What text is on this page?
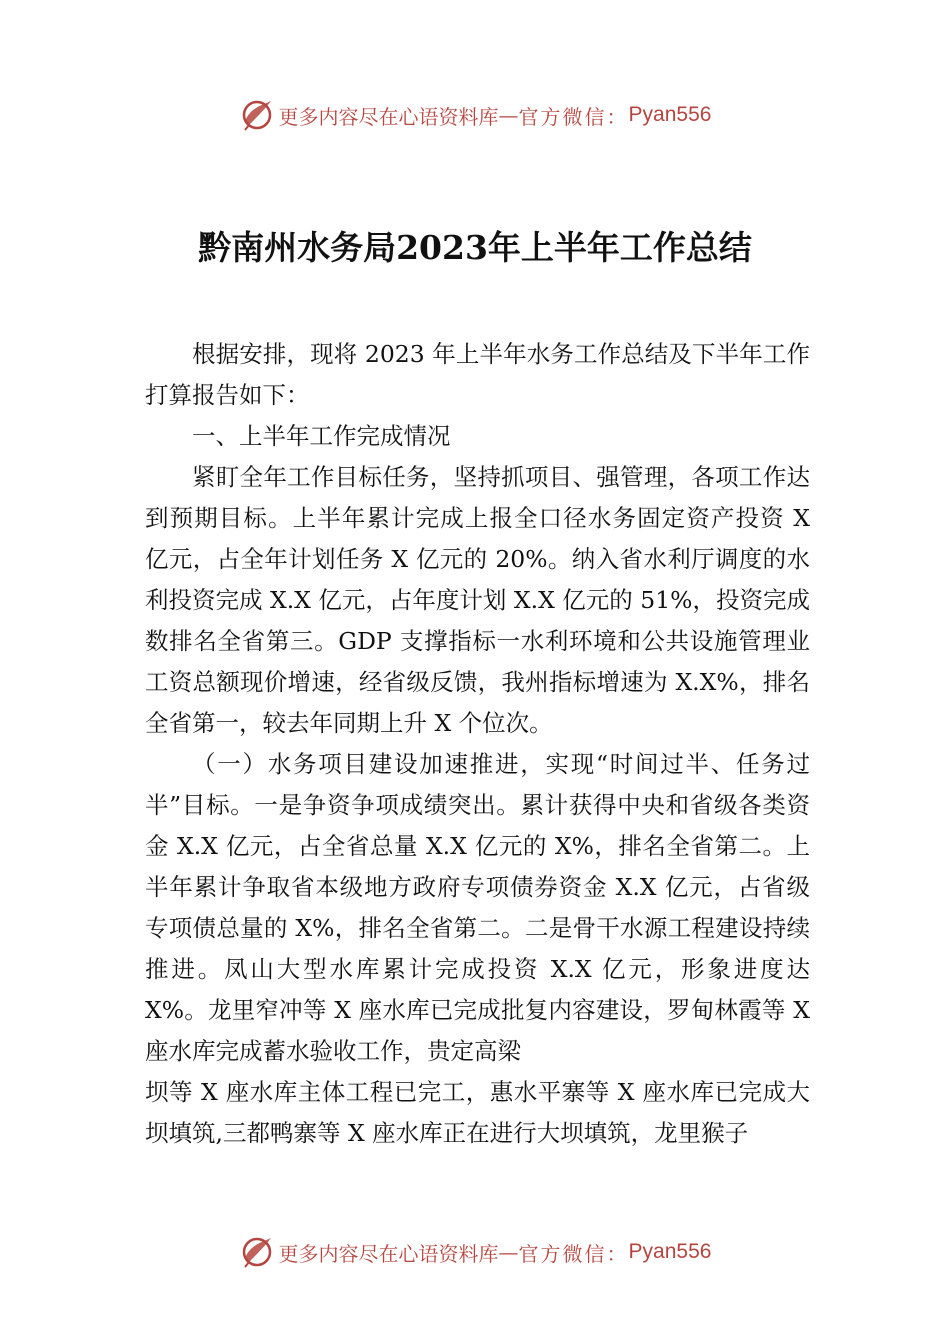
更多内容尽在心语资料库 — 官方微信： Pyan556
黔南州水务局2023年上半年工作总结

根据安排，现将 2023 年上半年水务工作总结及下半年工作打算报告如下：

一、上半年工作完成情况

紧盯全年工作目标任务，坚持抓项目、强管理，各项工作达到预期目标。上半年累计完成上报全口径水务固定资产投资 X 亿元，占全年计划任务 X 亿元的 20%。纳入省水利厅调度的水利投资完成 X.X 亿元，占年度计划 X.X 亿元的 51%，投资完成数排名全省第三。GDP 支撑指标一水利环境和公共设施管理业工资总额现价增速，经省级反馈，我州指标增速为 X.X%，排名全省第一，较去年同期上升 X 个位次。

（一）水务项目建设加速推进，实现“时间过半、任务过半”目标。一是争资争项成绩突出。累计获得中央和省级各类资金 X.X 亿元，占全省总量 X.X 亿元的 X%，排名全省第二。上半年累计争取省本级地方政府专项债券资金 X.X 亿元，占省级专项债总量的 X%，排名全省第二。二是骨干水源工程建设持续推进。凤山大型水库累计完成投资 X.X 亿元，形象进度达 X%。龙里窄冲等 X 座水库已完成批复内容建设，罗甸林霞等 X 座水库完成蓄水验收工作，贵定高梁

坝等 X 座水库主体工程已完工，惠水平寨等 X 座水库已完成大坝填筑,三都鸭寨等 X 座水库正在进行大坝填筑，龙里猴子

更多内容尽在心语资料库 — 官方微信： Pyan556
